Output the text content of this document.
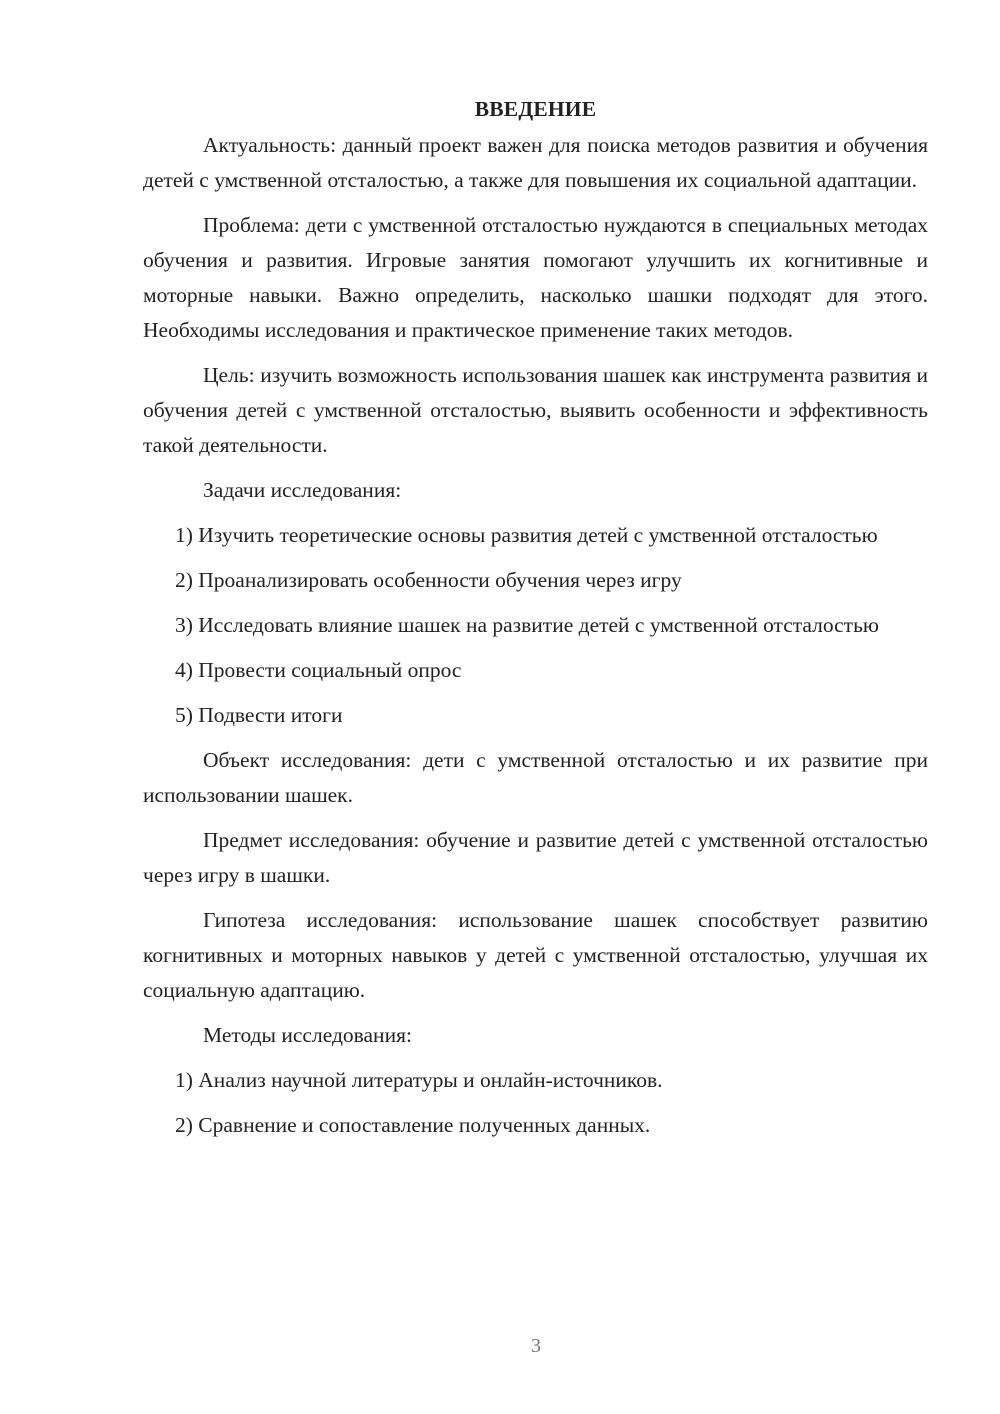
ВВЕДЕНИЕ

Актуальность: данный проект важен для поиска методов развития и обучения детей с умственной отсталостью, а также для повышения их социальной адаптации.

Проблема: дети с умственной отсталостью нуждаются в специальных методах обучения и развития. Игровые занятия помогают улучшить их когнитивные и моторные навыки. Важно определить, насколько шашки подходят для этого. Необходимы исследования и практическое применение таких методов.

Цель: изучить возможность использования шашек как инструмента развития и обучения детей с умственной отсталостью, выявить особенности и эффективность такой деятельности.

Задачи исследования:

1) Изучить теоретические основы развития детей с умственной отсталостью

2) Проанализировать особенности обучения через игру

3) Исследовать влияние шашек на развитие детей с умственной отсталостью

4) Провести социальный опрос

5) Подвести итоги

Объект исследования: дети с умственной отсталостью и их развитие при использовании шашек.

Предмет исследования: обучение и развитие детей с умственной отсталостью через игру в шашки.

Гипотеза исследования: использование шашек способствует развитию когнитивных и моторных навыков у детей с умственной отсталостью, улучшая их социальную адаптацию.

Методы исследования:

1) Анализ научной литературы и онлайн-источников.

2) Сравнение и сопоставление полученных данных.

3
